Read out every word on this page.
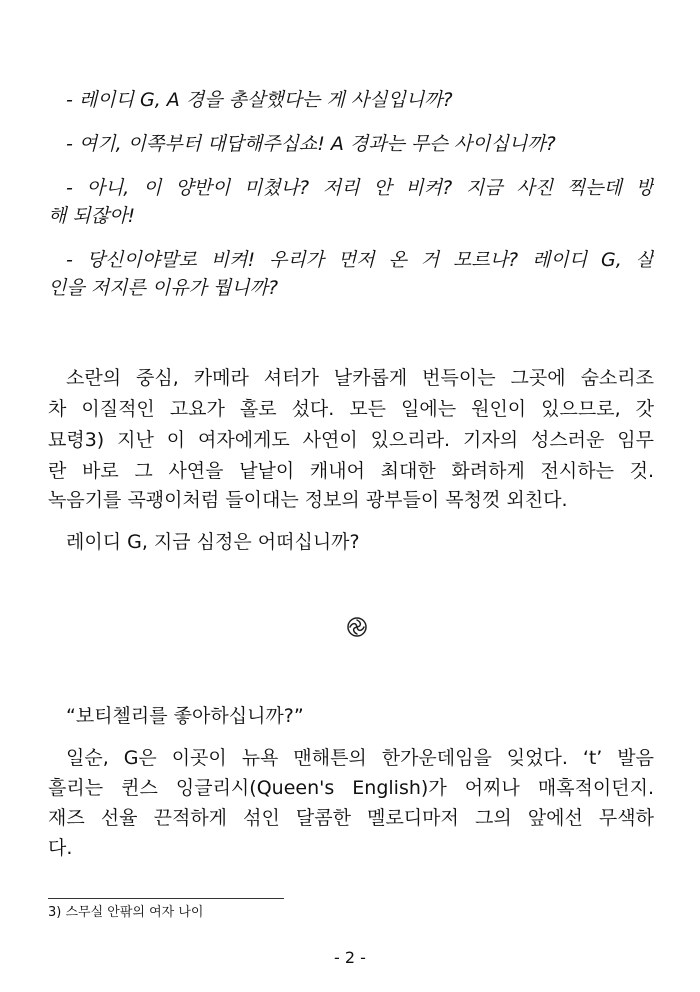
- 레이디 G, A 경을 총살했다는 게 사실입니까?
- 여기, 이쪽부터 대답해주십쇼! A 경과는 무슨 사이십니까?
- 아니, 이 양반이 미쳤나? 저리 안 비켜? 지금 사진 찍는데 방
해 되잖아!
- 당신이야말로 비켜! 우리가 먼저 온 거 모르나? 레이디 G, 살
인을 저지른 이유가 뭡니까?
소란의 중심, 카메라 셔터가 날카롭게 번득이는 그곳에 숨소리조
차 이질적인 고요가 홀로 섰다. 모든 일에는 원인이 있으므로, 갓
묘령3) 지난 이 여자에게도 사연이 있으리라. 기자의 성스러운 임무
란 바로 그 사연을 낱낱이 캐내어 최대한 화려하게 전시하는 것.
녹음기를 곡괭이처럼 들이대는 정보의 광부들이 목청껏 외친다.
레이디 G, 지금 심정은 어떠십니까?
“보티첼리를 좋아하십니까?”
일순, G은 이곳이 뉴욕 맨해튼의 한가운데임을 잊었다. ‘t’ 발음
흘리는 퀸스 잉글리시(Queen's English)가 어찌나 매혹적이던지.
재즈 선율 끈적하게 섞인 달콤한 멜로디마저 그의 앞에선 무색하
다.
3) 스무실 안팎의 여자 나이
- 2 -
